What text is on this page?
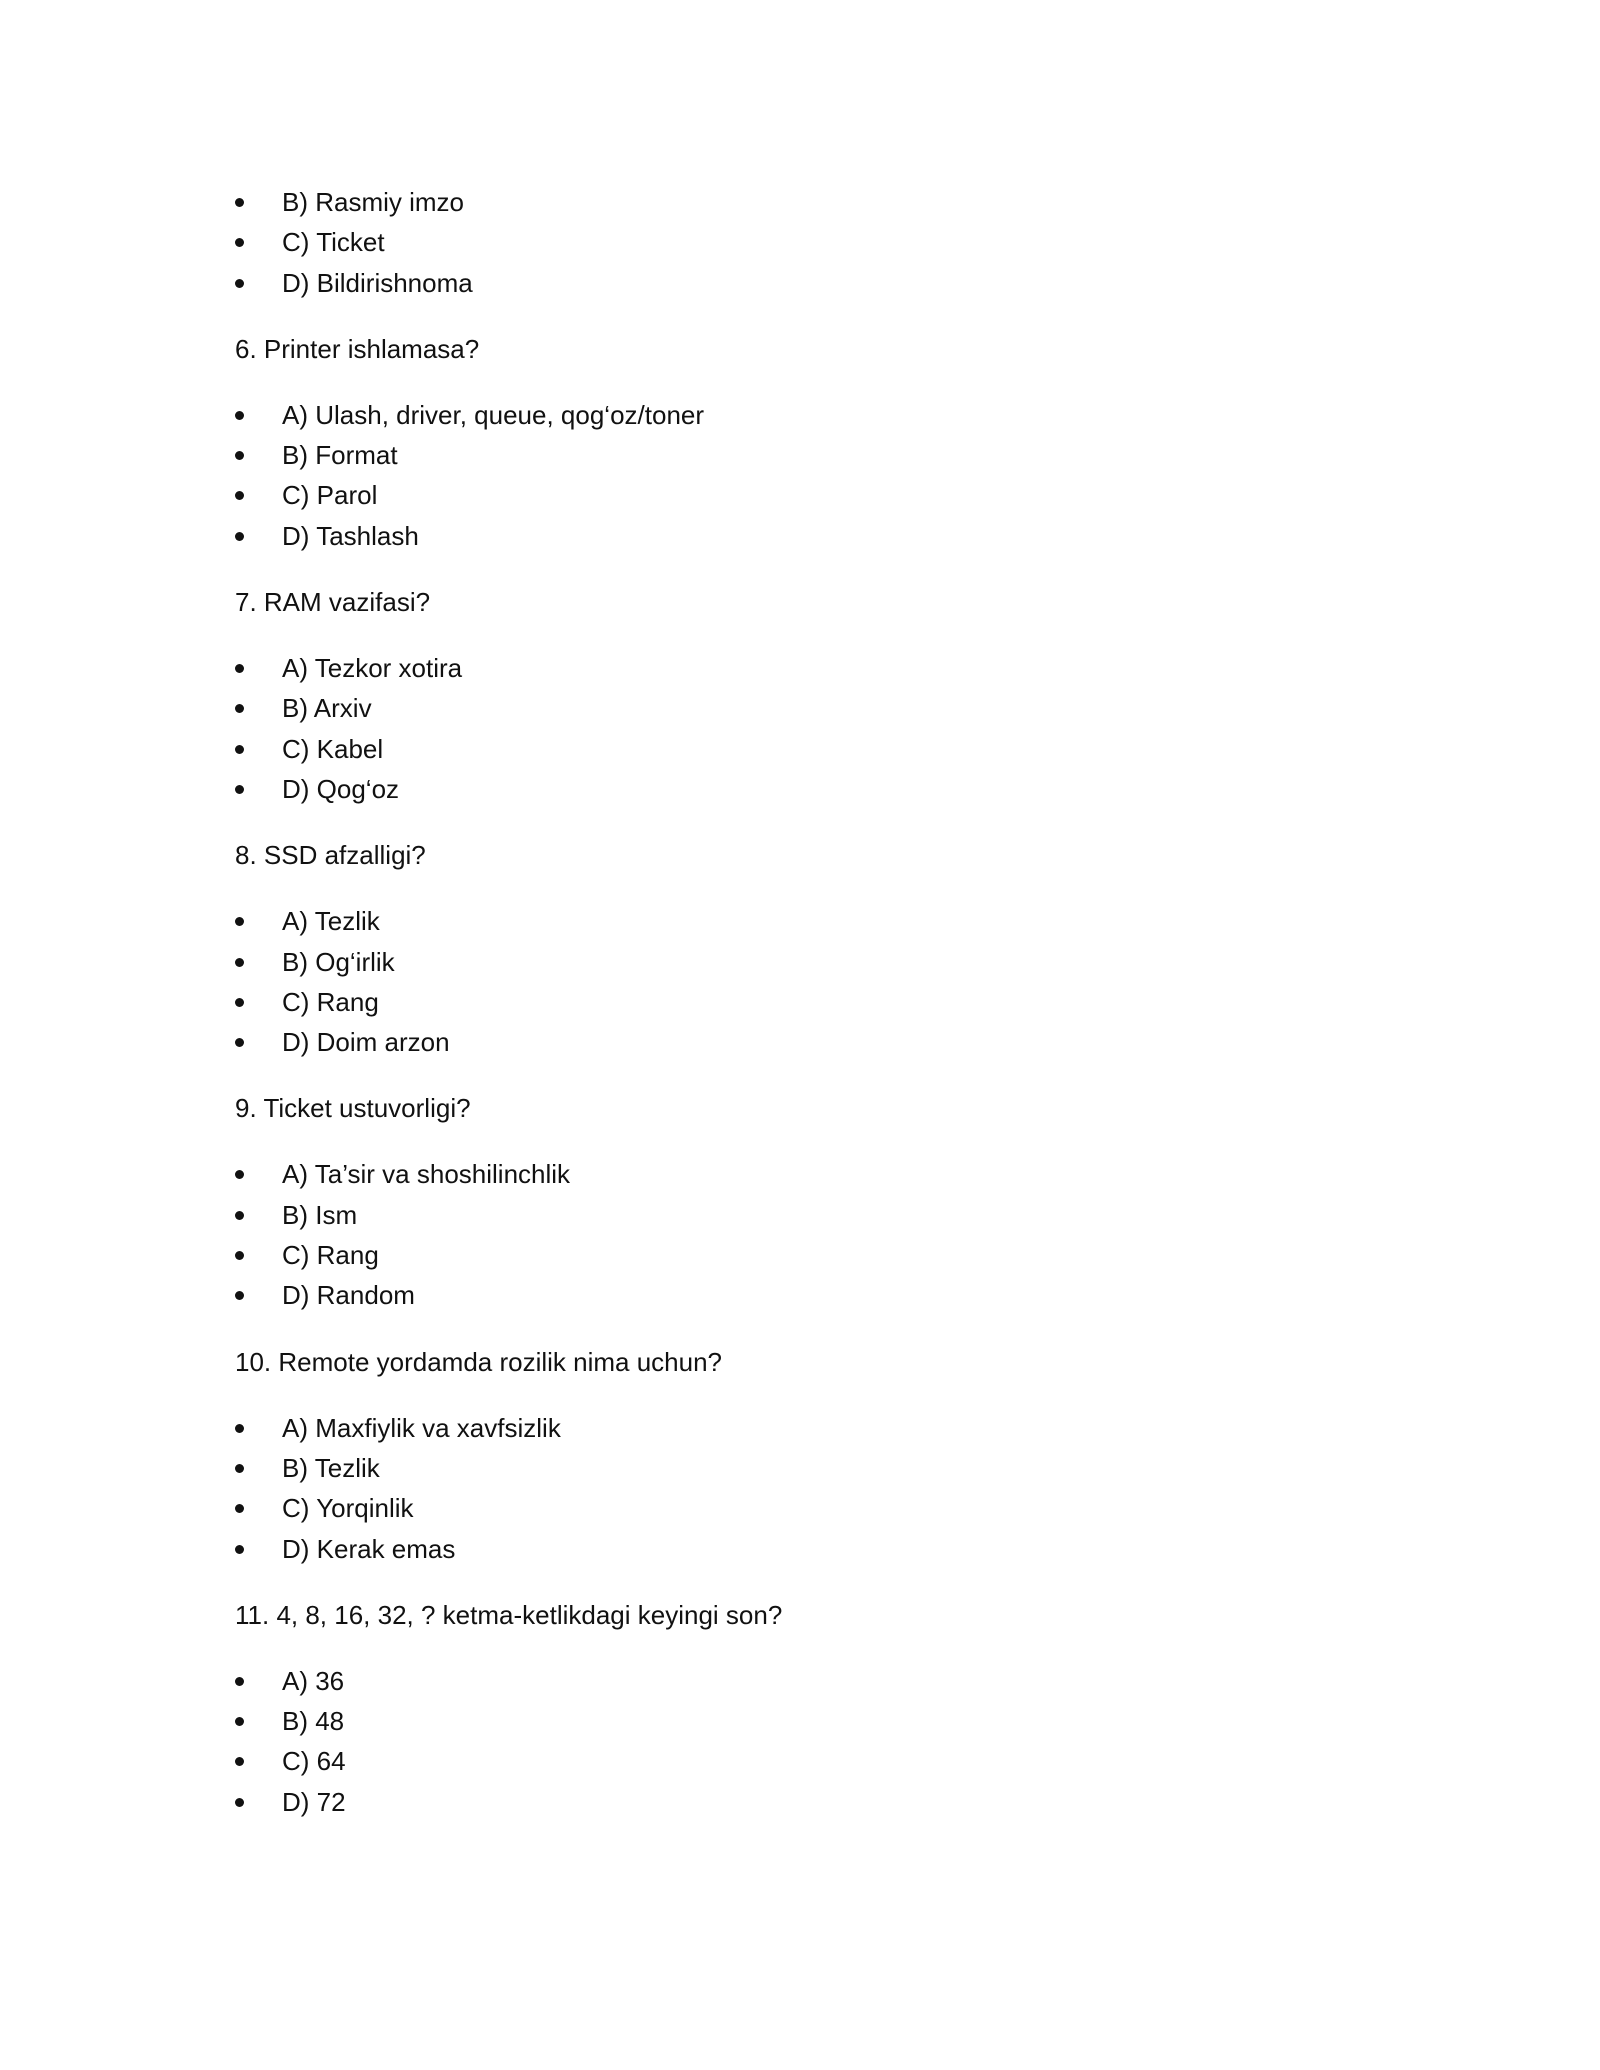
B) Rasmiy imzo
C) Ticket
D) Bildirishnoma
6. Printer ishlamasa?
A) Ulash, driver, queue, qog‘oz/toner
B) Format
C) Parol
D) Tashlash
7. RAM vazifasi?
A) Tezkor xotira
B) Arxiv
C) Kabel
D) Qog‘oz
8. SSD afzalligi?
A) Tezlik
B) Og‘irlik
C) Rang
D) Doim arzon
9. Ticket ustuvorligi?
A) Ta’sir va shoshilinchlik
B) Ism
C) Rang
D) Random
10. Remote yordamda rozilik nima uchun?
A) Maxfiylik va xavfsizlik
B) Tezlik
C) Yorqinlik
D) Kerak emas
11. 4, 8, 16, 32, ? ketma-ketlikdagi keyingi son?
A) 36
B) 48
C) 64
D) 72
